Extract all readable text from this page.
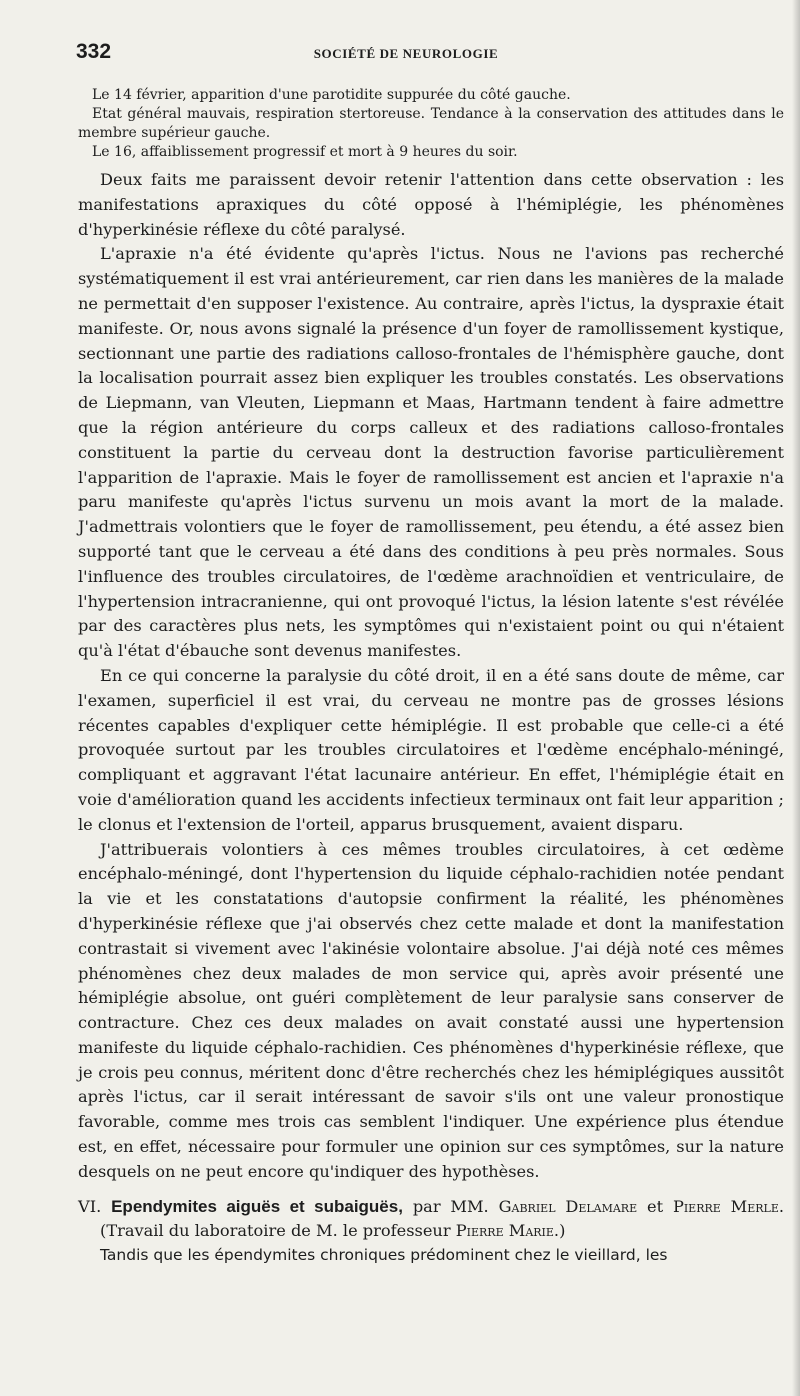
332	SOCIÉTÉ DE NEUROLOGIE

Le 14 février, apparition d'une parotidite suppurée du côté gauche.

Etat général mauvais, respiration stertoreuse. Tendance à la conservation des attitudes dans le membre supérieur gauche.

Le 16, affaiblissement progressif et mort à 9 heures du soir.

Deux faits me paraissent devoir retenir l'attention dans cette observation : les manifestations apraxiques du côté opposé à l'hémiplégie, les phénomènes d'hyperkinésie réflexe du côté paralysé.

L'apraxie n'a été évidente qu'après l'ictus. Nous ne l'avions pas recherché systématiquement il est vrai antérieurement, car rien dans les manières de la malade ne permettait d'en supposer l'existence. Au contraire, après l'ictus, la dyspraxie était manifeste. Or, nous avons signalé la présence d'un foyer de ramollissement kystique, sectionnant une partie des radiations calloso-frontales de l'hémisphère gauche, dont la localisation pourrait assez bien expliquer les troubles constatés. Les observations de Liepmann, van Vleuten, Liepmann et Maas, Hartmann tendent à faire admettre que la région antérieure du corps calleux et des radiations calloso-frontales constituent la partie du cerveau dont la destruction favorise particulièrement l'apparition de l'apraxie. Mais le foyer de ramollissement est ancien et l'apraxie n'a paru manifeste qu'après l'ictus survenu un mois avant la mort de la malade. J'admettrais volontiers que le foyer de ramollissement, peu étendu, a été assez bien supporté tant que le cerveau a été dans des conditions à peu près normales. Sous l'influence des troubles circulatoires, de l'œdème arachnoïdien et ventriculaire, de l'hypertension intracranienne, qui ont provoqué l'ictus, la lésion latente s'est révélée par des caractères plus nets, les symptômes qui n'existaient point ou qui n'étaient qu'à l'état d'ébauche sont devenus manifestes.

En ce qui concerne la paralysie du côté droit, il en a été sans doute de même, car l'examen, superficiel il est vrai, du cerveau ne montre pas de grosses lésions récentes capables d'expliquer cette hémiplégie. Il est probable que celle-ci a été provoquée surtout par les troubles circulatoires et l'œdème encéphalo-méningé, compliquant et aggravant l'état lacunaire antérieur. En effet, l'hémiplégie était en voie d'amélioration quand les accidents infectieux terminaux ont fait leur apparition ; le clonus et l'extension de l'orteil, apparus brusquement, avaient disparu.

J'attribuerais volontiers à ces mêmes troubles circulatoires, à cet œdème encéphalo-méningé, dont l'hypertension du liquide céphalo-rachidien notée pendant la vie et les constatations d'autopsie confirment la réalité, les phénomènes d'hyperkinésie réflexe que j'ai observés chez cette malade et dont la manifestation contrastait si vivement avec l'akinésie volontaire absolue. J'ai déjà noté ces mêmes phénomènes chez deux malades de mon service qui, après avoir présenté une hémiplégie absolue, ont guéri complètement de leur paralysie sans conserver de contracture. Chez ces deux malades on avait constaté aussi une hypertension manifeste du liquide céphalo-rachidien. Ces phénomènes d'hyperkinésie réflexe, que je crois peu connus, méritent donc d'être recherchés chez les hémiplégiques aussitôt après l'ictus, car il serait intéressant de savoir s'ils ont une valeur pronostique favorable, comme mes trois cas semblent l'indiquer. Une expérience plus étendue est, en effet, nécessaire pour formuler une opinion sur ces symptômes, sur la nature desquels on ne peut encore qu'indiquer des hypothèses.

VI. Ependymites aiguës et subaiguës, par MM. Gabriel Delamare et Pierre Merle. (Travail du laboratoire de M. le professeur Pierre Marie.)

Tandis que les épendymites chroniques prédominent chez le vieillard, les
